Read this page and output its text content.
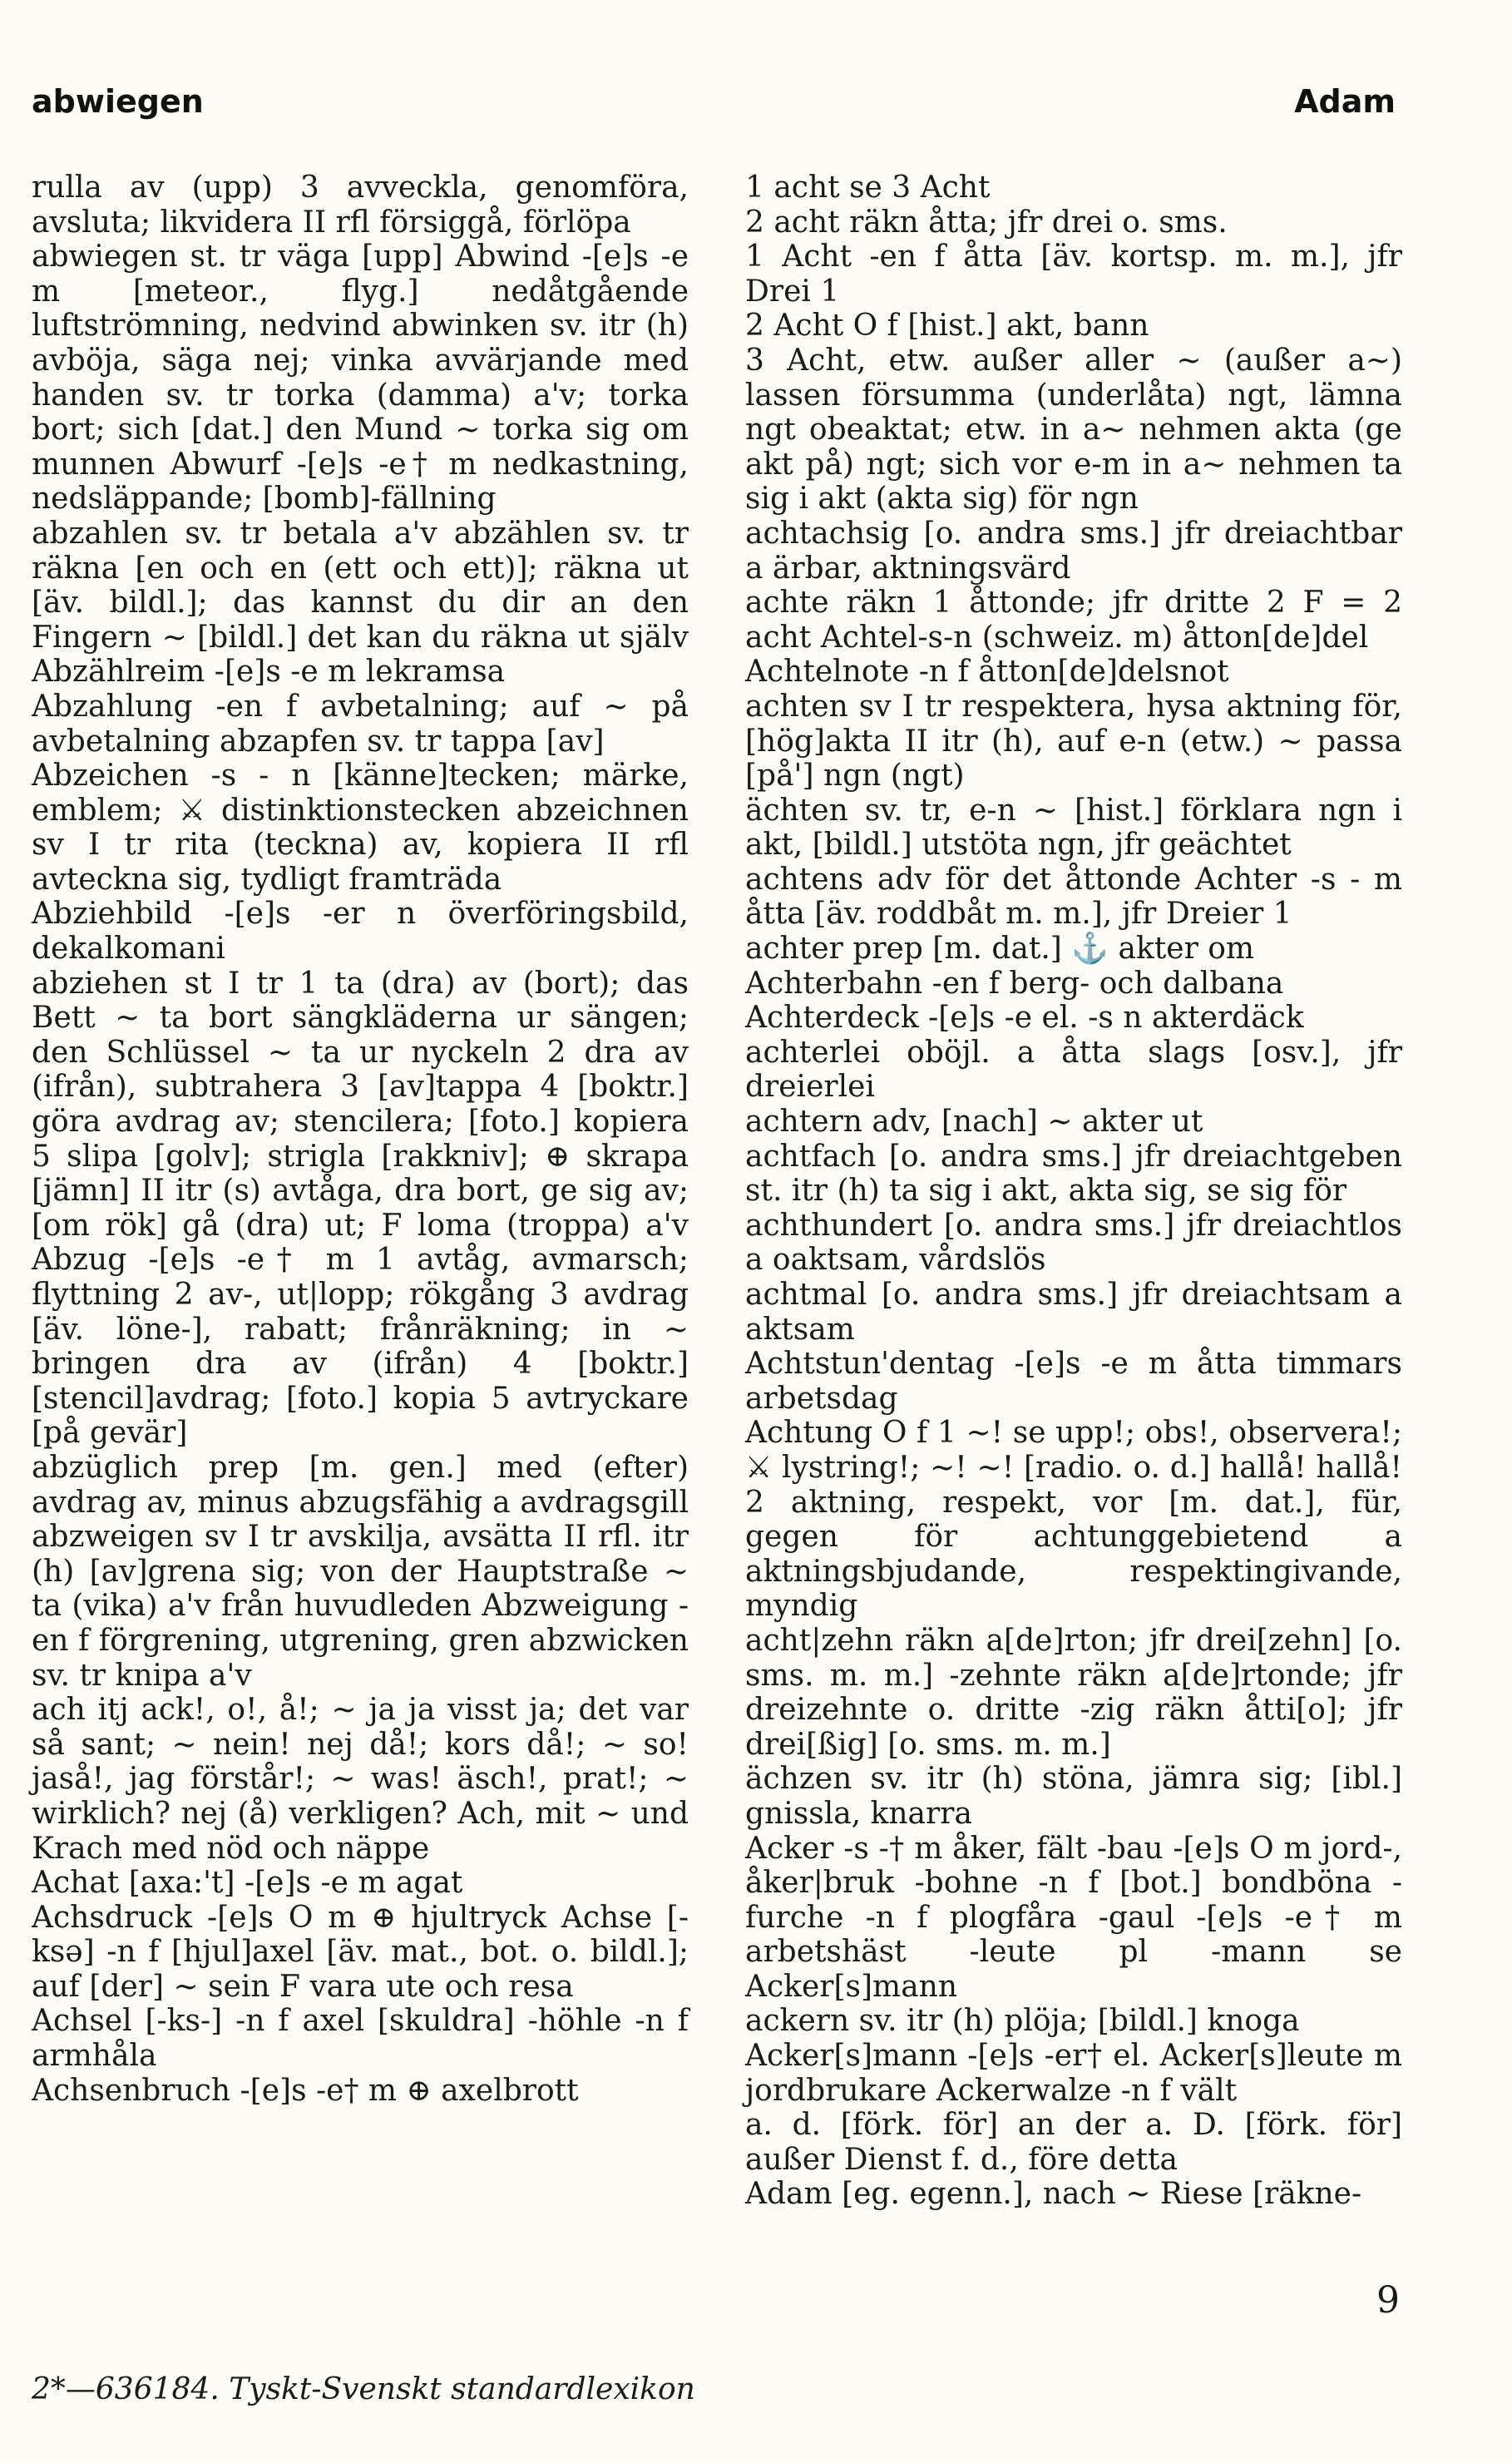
abwiegen	Adam

rulla av (upp) 3 avveckla, genomföra, avsluta; likvidera II rfl försiggå, förlöpa

abwiegen st. tr väga [upp] Abwind -[e]s -e m [meteor., flyg.] nedåtgående luftströmning, nedvind abwinken sv. itr (h) avböja, säga nej; vinka avvärjande med handen sv. tr torka (damma) a'v; torka bort; sich [dat.] den Mund ~ torka sig om munnen Abwurf -[e]s -e† m nedkastning, nedsläppande; [bomb]-fällning

abzahlen sv. tr betala a'v abzählen sv. tr räkna [en och en (ett och ett)]; räkna ut [äv. bildl.]; das kannst du dir an den Fingern ~ [bildl.] det kan du räkna ut själv Abzählreim -[e]s -e m lekramsa

Abzahlung -en f avbetalning; auf ~ på avbetalning abzapfen sv. tr tappa [av]

Abzeichen -s - n [känne]tecken; märke, emblem; ⚔ distinktionstecken abzeichnen sv I tr rita (teckna) av, kopiera II rfl avteckna sig, tydligt framträda

Abziehbild -[e]s -er n överföringsbild, dekalkomani

abziehen st I tr 1 ta (dra) av (bort); das Bett ~ ta bort sängkläderna ur sängen; den Schlüssel ~ ta ur nyckeln 2 dra av (ifrån), subtrahera 3 [av]tappa 4 [boktr.] göra avdrag av; stencilera; [foto.] kopiera 5 slipa [golv]; strigla [rakkniv]; ⊕ skrapa [jämn] II itr (s) avtåga, dra bort, ge sig av; [om rök] gå (dra) ut; F loma (troppa) a'v Abzug -[e]s -e† m 1 avtåg, avmarsch; flyttning 2 av-, ut|lopp; rökgång 3 avdrag [äv. löne-], rabatt; frånräkning; in ~ bringen dra av (ifrån) 4 [boktr.] [stencil]avdrag; [foto.] kopia 5 avtryckare [på gevär]

abzüglich prep [m. gen.] med (efter) avdrag av, minus abzugsfähig a avdragsgill abzweigen sv I tr avskilja, avsätta II rfl. itr (h) [av]grena sig; von der Hauptstraße ~ ta (vika) a'v från huvudleden Abzweigung -en f förgrening, utgrening, gren abzwicken sv. tr knipa a'v

ach itj ack!, o!, å!; ~ ja ja visst ja; det var så sant; ~ nein! nej då!; kors då!; ~ so! jaså!, jag förstår!; ~ was! äsch!, prat!; ~ wirklich? nej (å) verkligen? Ach, mit ~ und Krach med nöd och näppe

Achat [axa:'t] -[e]s -e m agat

Achsdruck -[e]s O m ⊕ hjultryck Achse [-ksə] -n f [hjul]axel [äv. mat., bot. o. bildl.]; auf [der] ~ sein F vara ute och resa

Achsel [-ks-] -n f axel [skuldra] -höhle -n f armhåla

Achsenbruch -[e]s -e† m ⊕ axelbrott

1 acht se 3 Acht

2 acht räkn åtta; jfr drei o. sms.

1 Acht -en f åtta [äv. kortsp. m. m.], jfr Drei 1

2 Acht O f [hist.] akt, bann

3 Acht, etw. außer aller ~ (außer a~) lassen försumma (underlåta) ngt, lämna ngt obeaktat; etw. in a~ nehmen akta (ge akt på) ngt; sich vor e-m in a~ nehmen ta sig i akt (akta sig) för ngn

achtachsig [o. andra sms.] jfr dreiachtbar a ärbar, aktningsvärd

achte räkn 1 åttonde; jfr dritte 2 F = 2 acht Achtel-s-n (schweiz. m) åtton[de]del

Achtelnote -n f åtton[de]delsnot

achten sv I tr respektera, hysa aktning för, [hög]akta II itr (h), auf e-n (etw.) ~ passa [på'] ngn (ngt)

ächten sv. tr, e-n ~ [hist.] förklara ngn i akt, [bildl.] utstöta ngn, jfr geächtet

achtens adv för det åttonde Achter -s - m åtta [äv. roddbåt m. m.], jfr Dreier 1

achter prep [m. dat.] ⚓ akter om

Achterbahn -en f berg- och dalbana

Achterdeck -[e]s -e el. -s n akterdäck

achterlei oböjl. a åtta slags [osv.], jfr dreierlei

achtern adv, [nach] ~ akter ut

achtfach [o. andra sms.] jfr dreiachtgeben st. itr (h) ta sig i akt, akta sig, se sig för

achthundert [o. andra sms.] jfr dreiachtlos a oaktsam, vårdslös

achtmal [o. andra sms.] jfr dreiachtsam a aktsam

Achtstun'dentag -[e]s -e m åtta timmars arbetsdag

Achtung O f 1 ~! se upp!; obs!, observera!; ⚔ lystring!; ~! ~! [radio. o. d.] hallå! hallå! 2 aktning, respekt, vor [m. dat.], für, gegen för achtunggebietend a aktningsbjudande, respektingivande, myndig

acht|zehn räkn a[de]rton; jfr drei[zehn] [o. sms. m. m.] -zehnte räkn a[de]rtonde; jfr dreizehnte o. dritte -zig räkn åtti[o]; jfr drei[ßig] [o. sms. m. m.]

ächzen sv. itr (h) stöna, jämra sig; [ibl.] gnissla, knarra

Acker -s -† m åker, fält -bau -[e]s O m jord-, åker|bruk -bohne -n f [bot.] bondböna -furche -n f plogfåra -gaul -[e]s -e† m arbetshäst -leute pl -mann se Acker[s]mann

ackern sv. itr (h) plöja; [bildl.] knoga

Acker[s]mann -[e]s -er† el. Acker[s]leute m jordbrukare Ackerwalze -n f vält

a. d. [förk. för] an der a. D. [förk. för] außer Dienst f. d., före detta

Adam [eg. egenn.], nach ~ Riese [räkne-

9
2*—636184. Tyskt-Svenskt standardlexikon
